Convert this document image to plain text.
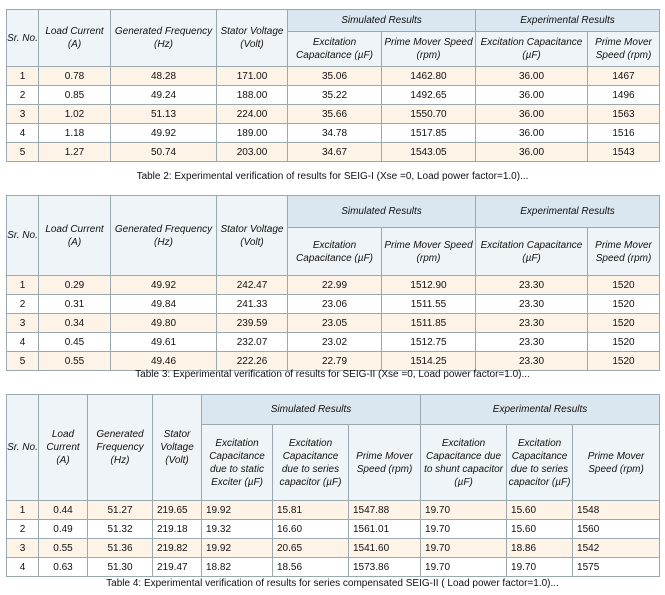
Sr. No.	Load Current (A)	Generated Frequency (Hz)	Stator Voltage (Volt)	Simulated Results		Experimental Results	
				Excitation Capacitance (µF)	Prime Mover Speed (rpm)	Excitation Capacitance (µF)	Prime Mover Speed (rpm)
1	0.78	48.28	171.00	35.06	1462.80	36.00	1467
2	0.85	49.24	188.00	35.22	1492.65	36.00	1496
3	1.02	51.13	224.00	35.66	1550.70	36.00	1563
4	1.18	49.92	189.00	34.78	1517.85	36.00	1516
5	1.27	50.74	203.00	34.67	1543.05	36.00	1543
Table 2: Experimental verification of results for SEIG-I (Xse =0, Load power factor=1.0)...
Sr. No.	Load Current (A)	Generated Frequency (Hz)	Stator Voltage (Volt)	Simulated Results		Experimental Results	
				Excitation Capacitance (µF)	Prime Mover Speed (rpm)	Excitation Capacitance (µF)	Prime Mover Speed (rpm)
1	0.29	49.92	242.47	22.99	1512.90	23.30	1520
2	0.31	49.84	241.33	23.06	1511.55	23.30	1520
3	0.34	49.80	239.59	23.05	1511.85	23.30	1520
4	0.45	49.61	232.07	23.02	1512.75	23.30	1520
5	0.55	49.46	222.26	22.79	1514.25	23.30	1520
Table 3: Experimental verification of results for SEIG-II (Xse =0, Load power factor=1.0)...
Sr. No.	Load Current (A)	Generated Frequency (Hz)	Stator Voltage (Volt)	Simulated Results			Experimental Results		
				Excitation Capacitance due to static Exciter (µF)	Excitation Capacitance due to series capacitor (µF)	Prime Mover Speed (rpm)	Excitation Capacitance due to shunt capacitor (µF)	Excitation Capacitance due to series capacitor (µF)	Prime Mover Speed (rpm)
1	0.44	51.27	219.65	19.92	15.81	1547.88	19.70	15.60	1548
2	0.49	51.32	219.18	19.32	16.60	1561.01	19.70	15.60	1560
3	0.55	51.36	219.82	19.92	20.65	1541.60	19.70	18.86	1542
4	0.63	51.30	219.47	18.82	18.56	1573.86	19.70	19.70	1575
Table 4: Experimental verification of results for series compensated SEIG-II ( Load power factor=1.0)...
